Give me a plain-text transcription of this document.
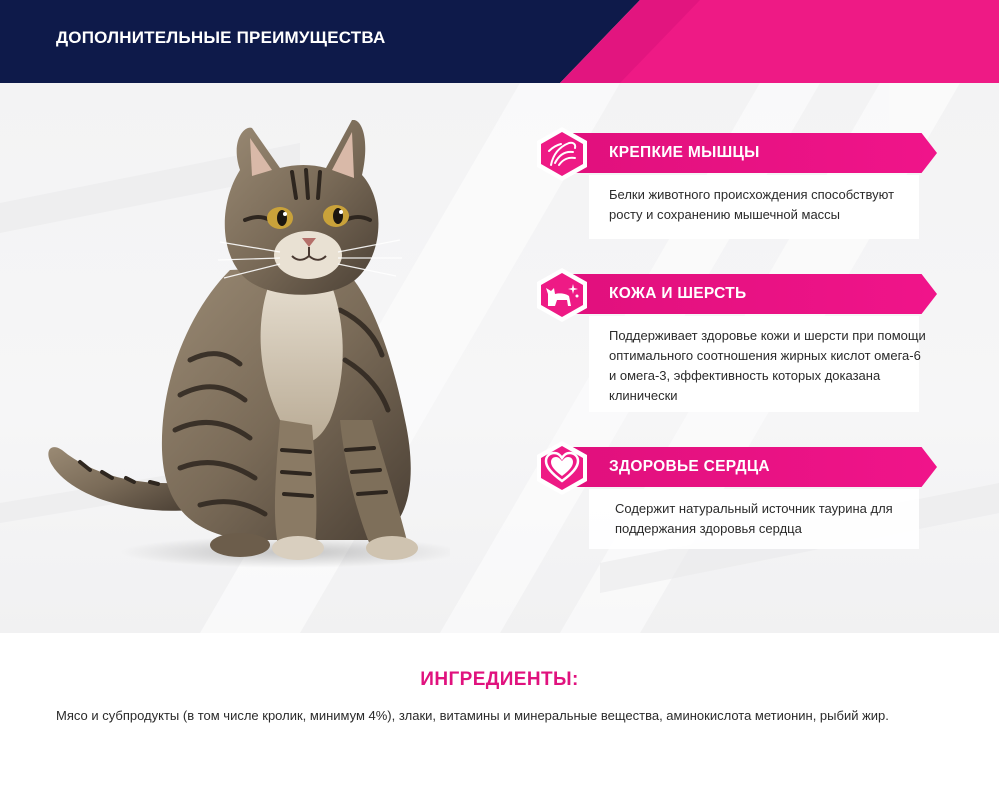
ДОПОЛНИТЕЛЬНЫЕ ПРЕИМУЩЕСТВА
КРЕПКИЕ МЫШЦЫ
Белки животного происхождения способствуют росту и сохранению мышечной массы
КОЖА И ШЕРСТЬ
Поддерживает здоровье кожи и шерсти при помощи оптимального соотношения жирных кислот омега-6 и омега-3, эффективность которых доказана клинически
ЗДОРОВЬЕ СЕРДЦА
Содержит натуральный источник таурина для поддержания здоровья сердца
ИНГРЕДИЕНТЫ:
Мясо и субпродукты (в том числе кролик, минимум 4%), злаки, витамины и минеральные вещества, аминокислота метионин, рыбий жир.
